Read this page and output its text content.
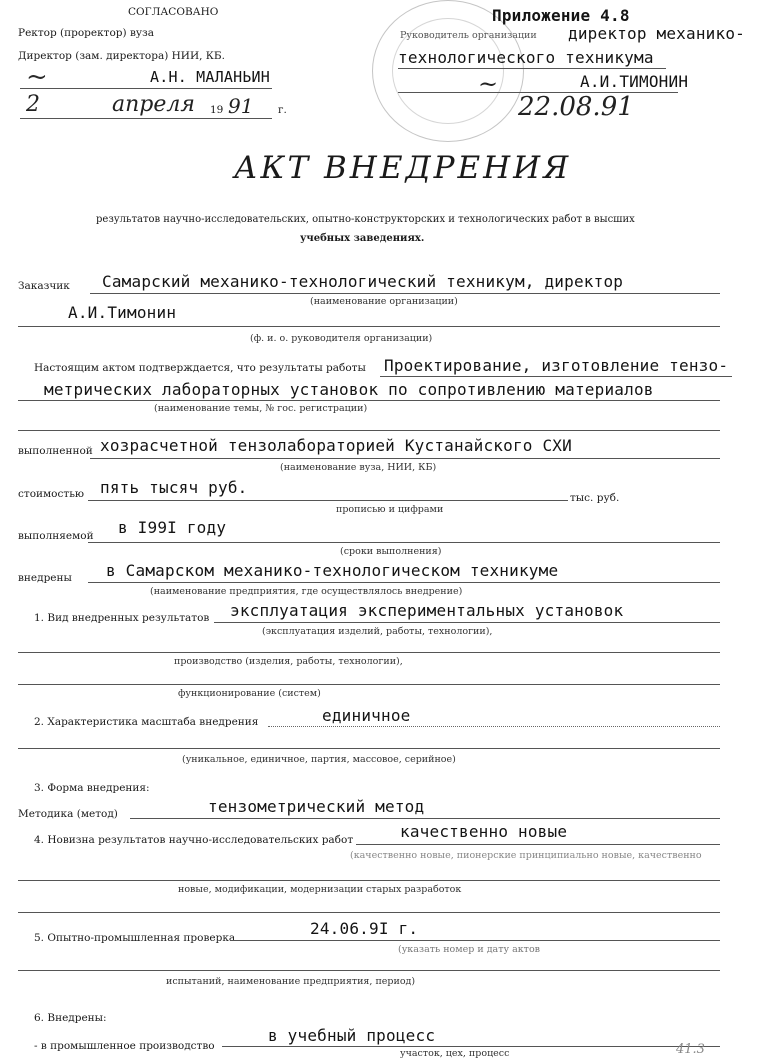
СОГЛАСОВАНО
Ректор (проректор) вуза
Директор (зам. директора) НИИ, КБ.
~	А.Н. МАЛАНЬИН
2	апреля 19 91 г.
Приложение 4.8
Руководитель организации директор механико-
технологического техникума
~	А.И.ТИМОНИН
22.08.91
АКТ ВНЕДРЕНИЯ
результатов научно-исследовательских, опытно-конструкторских и технологических работ в высших
учебных заведениях.
Заказчик Самарский механико-технологический техникум, директор
(наименование организации)
А.И.Тимонин
(ф. и. о. руководителя организации)
Настоящим актом подтверждается, что результаты работы Проектирование, изготовление тензо-
метрических лабораторных установок по сопротивлению материалов
(наименование темы, № гос. регистрации)
выполненной хозрасчетной тензолабораторией Кустанайского СХИ
(наименование вуза, НИИ, КБ)
стоимостью пять тысяч руб.
тыс. руб.
прописью и цифрами
выполняемой в I99I году
(сроки выполнения)
внедрены в Самарском механико-технологическом техникуме
(наименование предприятия, где осуществлялось внедрение)
1. Вид внедренных результатов эксплуатация экспериментальных установок
(эксплуатация изделий, работы, технологии),
производство (изделия, работы, технологии),
функционирование (систем)
2. Характеристика масштаба внедрения	единичное
(уникальное, единичное, партия, массовое, серийное)
3. Форма внедрения:
Методика (метод)	тензометрический метод
4. Новизна результатов научно-исследовательских работ	качественно новые
(качественно новые, пионерские принципиально новые, качественно
новые, модификации, модернизации старых разработок
5. Опытно-промышленная проверка	24.06.9I г.
(указать номер и дату актов
испытаний, наименование предприятия, период)
6. Внедрены:
- в промышленное производство
в учебный процесс
участок, цех, процесс	41.3
